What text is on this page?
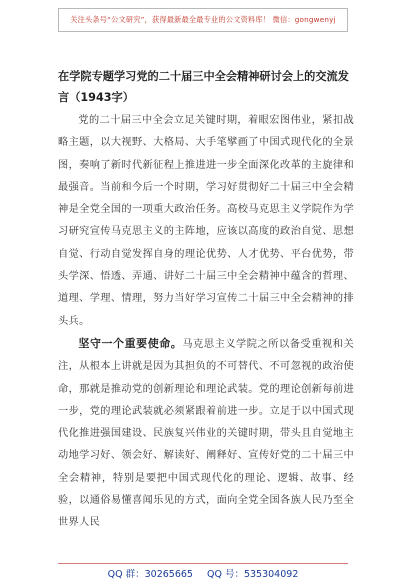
关注头条号“公文研究”，获得最新最全最专业的公文资料库！ 微信：gongwenyj
在学院专题学习党的二十届三中全会精神研讨会上的交流发言（1943字）

党的二十届三中全会立足关键时期，着眼宏图伟业，紧扣战略主题，以大视野、大格局、大手笔擘画了中国式现代化的全景图，奏响了新时代新征程上推进进一步全面深化改革的主旋律和最强音。当前和今后一个时期，学习好贯彻好二十届三中全会精神是全党全国的一项重大政治任务。高校马克思主义学院作为学习研究宣传马克思主义的主阵地，应该以高度的政治自觉、思想自觉、行动自觉发挥自身的理论优势、人才优势、平台优势，带头学深、悟透、弄通、讲好二十届三中全会精神中蕴含的哲理、道理、学理、情理，努力当好学习宣传二十届三中全会精神的排头兵。

坚守一个重要使命。马克思主义学院之所以备受重视和关注，从根本上讲就是因为其担负的不可替代、不可忽视的政治使命，那就是推动党的创新理论和理论武装。党的理论创新每前进一步，党的理论武装就必须紧跟着前进一步。立足于以中国式现代化推进强国建设、民族复兴伟业的关键时期，带头且自觉地主动地学习好、领会好、解读好、阐释好、宣传好党的二十届三中全会精神，特别是要把中国式现代化的理论、逻辑、故事、经验，以通俗易懂喜闻乐见的方式，面向全党全国各族人民乃至全世界人民

QQ 群：30265665 QQ 号：535304092
